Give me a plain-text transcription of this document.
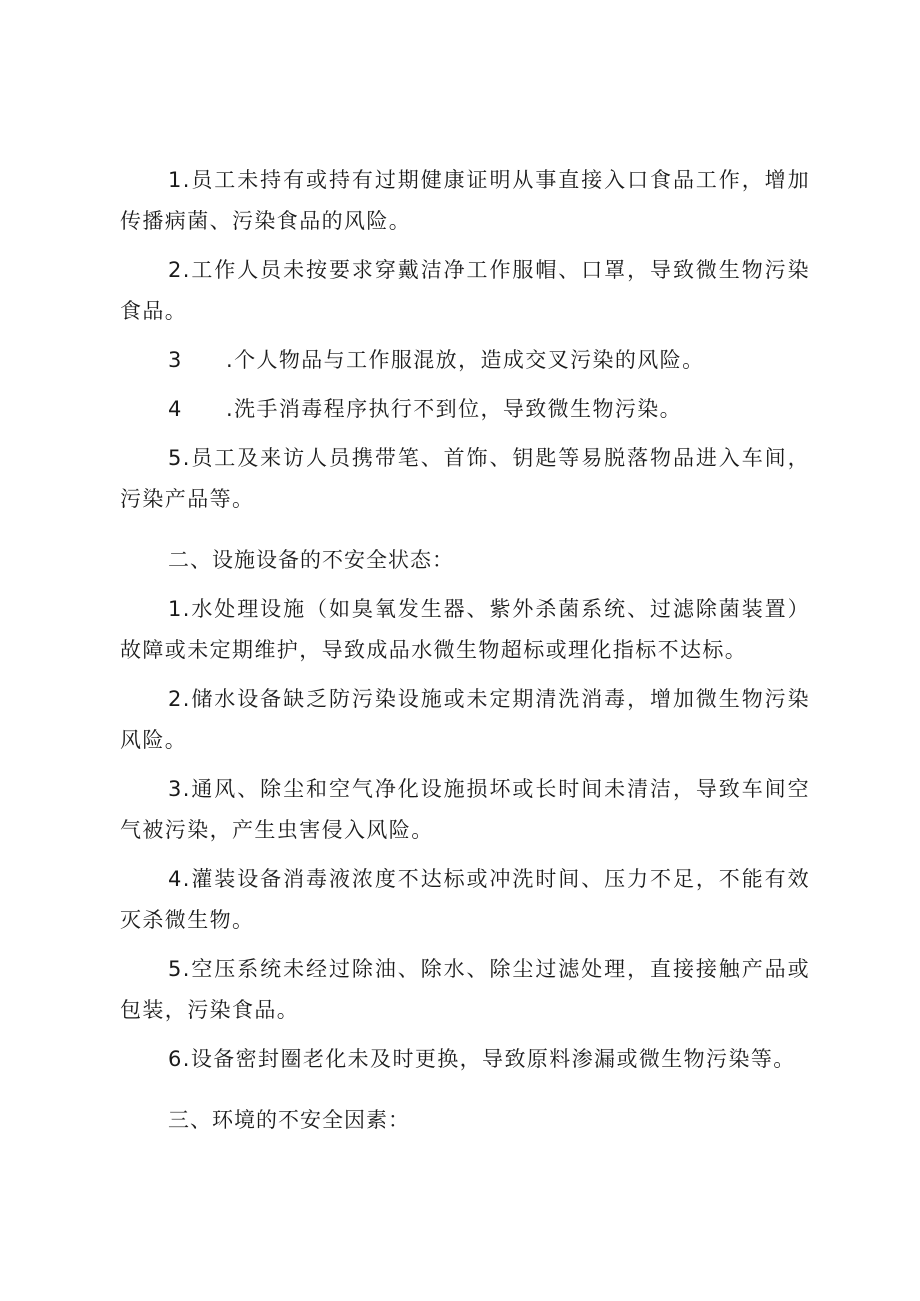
1.员工未持有或持有过期健康证明从事直接入口食品工作，增加传播病菌、污染食品的风险。

2.工作人员未按要求穿戴洁净工作服帽、口罩，导致微生物污染食品。

3 .个人物品与工作服混放，造成交叉污染的风险。

4 .洗手消毒程序执行不到位，导致微生物污染。

5.员工及来访人员携带笔、首饰、钥匙等易脱落物品进入车间，污染产品等。

二、设施设备的不安全状态：

1.水处理设施（如臭氧发生器、紫外杀菌系统、过滤除菌装置）故障或未定期维护，导致成品水微生物超标或理化指标不达标。

2.储水设备缺乏防污染设施或未定期清洗消毒，增加微生物污染风险。

3.通风、除尘和空气净化设施损坏或长时间未清洁，导致车间空气被污染，产生虫害侵入风险。

4.灌装设备消毒液浓度不达标或冲洗时间、压力不足，不能有效灭杀微生物。

5.空压系统未经过除油、除水、除尘过滤处理，直接接触产品或包装，污染食品。

6.设备密封圈老化未及时更换，导致原料渗漏或微生物污染等。

三、环境的不安全因素：
